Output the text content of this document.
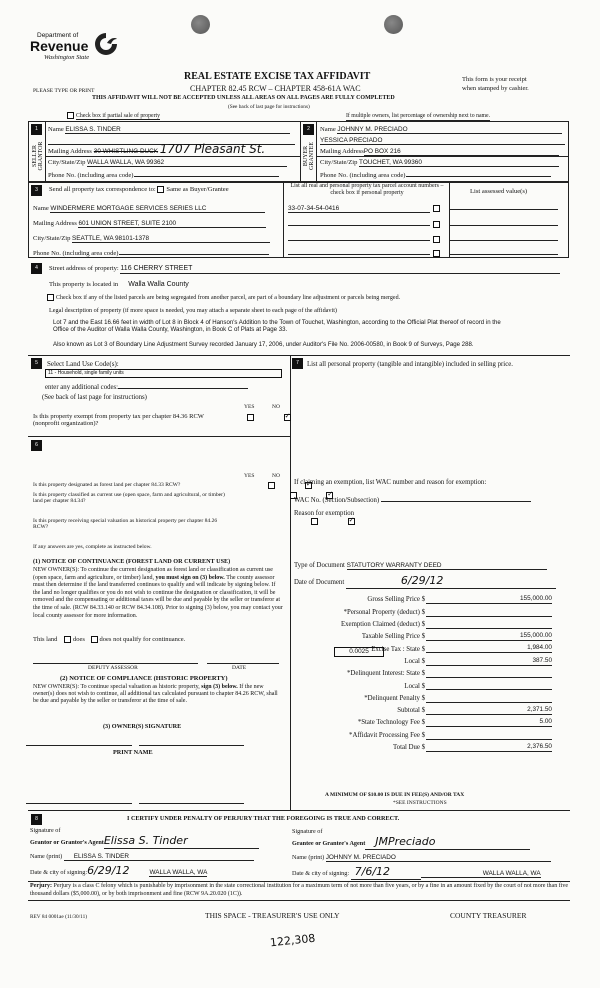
Department of
Revenue
Washington State
PLEASE TYPE OR PRINT
REAL ESTATE EXCISE TAX AFFIDAVIT
CHAPTER 82.45 RCW – CHAPTER 458-61A WAC
This form is your receipt
when stamped by cashier.
THIS AFFIDAVIT WILL NOT BE ACCEPTED UNLESS ALL AREAS ON ALL PAGES ARE FULLY COMPLETED
(See back of last page for instructions)
Check box if partial sale of property	If multiple owners, list percentage of ownership next to name.
1	2
SELLER GRANTOR	BUYER GRANTEE
Name ELISSA S. TINDER
Mailing Address 30 WHISTLING DUCK 1707 Pleasant St.
City/State/Zip WALLA WALLA, WA 99362
Phone No. (including area code)
Name JOHNNY M. PRECIADO
YESSICA PRECIADO
Mailing AddressPO BOX 216
City/State/Zip TOUCHET, WA 99360
Phone No. (including area code)
3	Send all property tax correspondence to: Same as Buyer/Grantee
List all real and personal property tax parcel account numbers – check box if personal property	List assessed value(s)
Name WINDERMERE MORTGAGE SERVICES SERIES LLC
Mailing Address 601 UNION STREET, SUITE 2100
City/State/Zip SEATTLE, WA 98101-1378
Phone No. (including area code)
33-07-34-54-0416
4	Street address of property: 116 CHERRY STREET
This property is located in Walla Walla County
Check box if any of the listed parcels are being segregated from another parcel, are part of a boundary line adjustment or parcels being merged.
Legal description of property (if more space is needed, you may attach a separate sheet to each page of the affidavit)
Lot 7 and the East 16.66 feet in width of Lot 8 in Block 4 of Hanson's Addition to the Town of Touchet, Washington, according to the Official Plat thereof of record in the Office of the Auditor of Walla Walla County, Washington, in Book C of Plats at Page 33.
Also known as Lot 3 of Boundary Line Adjustment Survey recorded January 17, 2006, under Auditor's File No. 2006-00580, in Book 9 of Surveys, Page 288.
5	Select Land Use Code(s):
11 - Household, single family units
enter any additional codes:
(See back of last page for instructions)
YES	NO
Is this property exempt from property tax per chapter 84.36 RCW (nonprofit organization)?
✓
7	List all personal property (tangible and intangible) included in selling price.
6
YES	NO
Is this property designated as forest land per chapter 84.33 RCW?
✓
Is this property classified as current use (open space, farm and agricultural, or timber) land per chapter 84.34?
✓
Is this property receiving special valuation as historical property per chapter 84.26 RCW?
✓
If any answers are yes, complete as instructed below.
(1) NOTICE OF CONTINUANCE (FOREST LAND OR CURRENT USE)
NEW OWNER(S): To continue the current designation as forest land or classification as current use (open space, farm and agriculture, or timber) land, you must sign on (3) below. The county assessor must then determine if the land transferred continues to qualify and will indicate by signing below. If the land no longer qualifies or you do not wish to continue the designation or classification, it will be removed and the compensating or additional taxes will be due and payable by the seller or transferor at the time of sale. (RCW 84.33.140 or RCW 84.34.108). Prior to signing (3) below, you may contact your local county assessor for more information.
This land does does not qualify for continuance.
DEPUTY ASSESSOR	DATE
(2) NOTICE OF COMPLIANCE (HISTORIC PROPERTY)
NEW OWNER(S): To continue special valuation as historic property, sign (3) below. If the new owner(s) does not wish to continue, all additional tax calculated pursuant to chapter 84.26 RCW, shall be due and payable by the seller or transferor at the time of sale.
(3) OWNER(S) SIGNATURE
PRINT NAME
If claiming an exemption, list WAC number and reason for exemption:
WAC No. (Section/Subsection)
Reason for exemption
Type of Document STATUTORY WARRANTY DEED
Date of Document	6/29/12
Gross Selling Price $	155,000.00
*Personal Property (deduct) $
Exemption Claimed (deduct) $
Taxable Selling Price $	155,000.00
Excise Tax : State $	1,984.00
Local $	387.50
*Delinquent Interest: State $
Local $
*Delinquent Penalty $
Subtotal $	2,371.50
*State Technology Fee $	5.00
*Affidavit Processing Fee $
Total Due $	2,376.50
0.0025
A MINIMUM OF $10.00 IS DUE IN FEE(S) AND/OR TAX
*SEE INSTRUCTIONS
8	I CERTIFY UNDER PENALTY OF PERJURY THAT THE FOREGOING IS TRUE AND CORRECT.
Signature of
Grantor or Grantor's AgentElissa S. Tinder
Signature of
Grantee or Grantee's Agent JMPreciado
Name (print) ELISSA S. TINDER	Name (print) JOHNNY M. PRECIADO
Date & city of signing:6/29/12	WALLA WALLA, WA	Date & city of signing: 7/6/12	WALLA WALLA, WA
Perjury: Perjury is a class C felony which is punishable by imprisonment in the state correctional institution for a maximum term of not more than five years, or by a fine in an amount fixed by the court of not more than five thousand dollars ($5,000.00), or by both imprisonment and fine (RCW 9A.20.020 (1C)).
REV 84 0001ae (11/30/11)	THIS SPACE - TREASURER'S USE ONLY	COUNTY TREASURER
122,308
